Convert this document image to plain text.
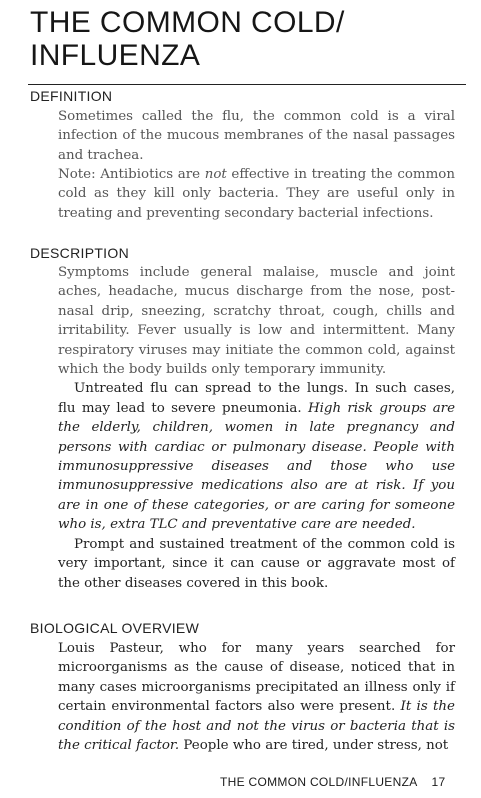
THE COMMON COLD/
INFLUENZA
DEFINITION

Sometimes called the flu, the common cold is a viral infection of the mucous membranes of the nasal passages and trachea.

Note: Antibiotics are not effective in treating the common cold as they kill only bacteria. They are useful only in treating and preventing secondary bacterial infections.

DESCRIPTION

Symptoms include general malaise, muscle and joint aches, headache, mucus discharge from the nose, post-nasal drip, sneezing, scratchy throat, cough, chills and irritability. Fever usually is low and intermittent. Many respiratory viruses may initiate the common cold, against which the body builds only temporary immunity.

Untreated flu can spread to the lungs. In such cases, flu may lead to severe pneumonia. High risk groups are the elderly, children, women in late pregnancy and persons with cardiac or pulmonary disease. People with immunosuppressive diseases and those who use immunosuppressive medications also are at risk. If you are in one of these categories, or are caring for someone who is, extra TLC and preventative care are needed.

Prompt and sustained treatment of the common cold is very important, since it can cause or aggravate most of the other diseases covered in this book.

BIOLOGICAL OVERVIEW

Louis Pasteur, who for many years searched for microorganisms as the cause of disease, noticed that in many cases microorganisms precipitated an illness only if certain environmental factors also were present. It is the condition of the host and not the virus or bacteria that is the critical factor. People who are tired, under stress, not

THE COMMON COLD/INFLUENZA 17
